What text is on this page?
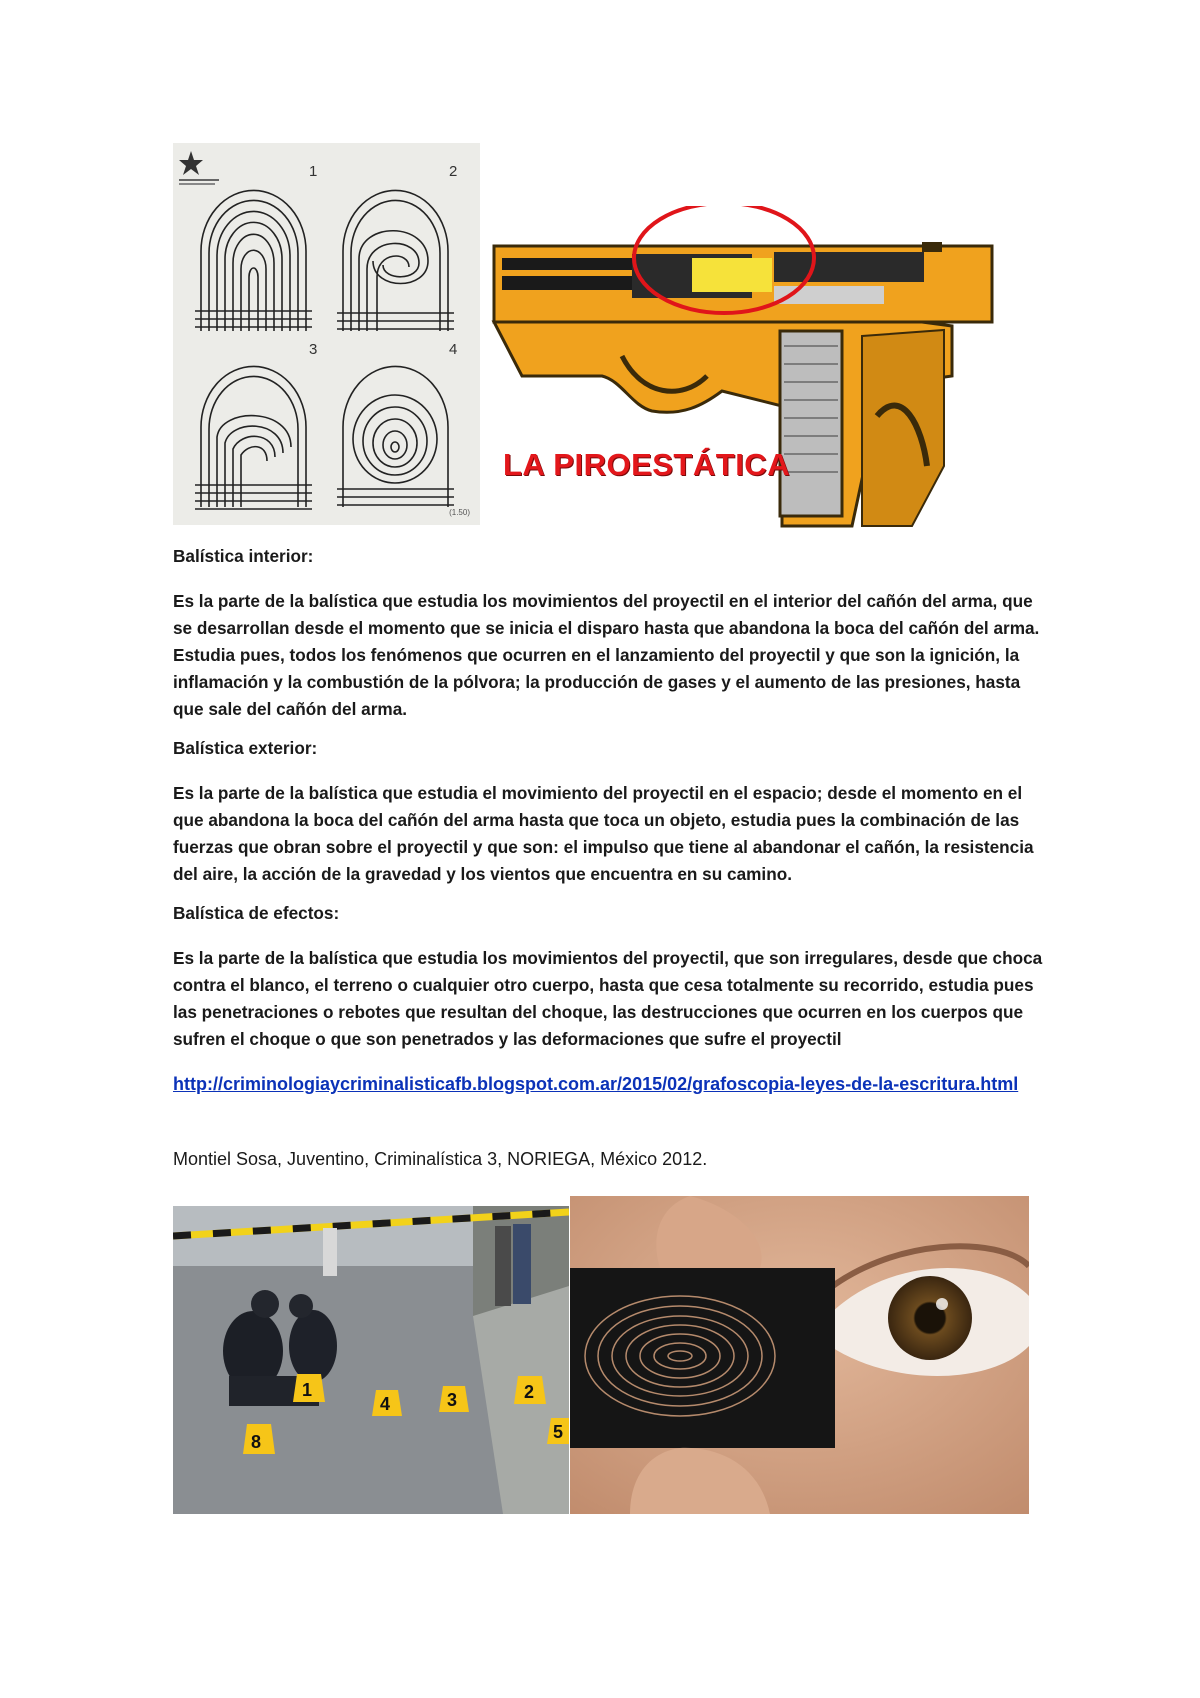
1	2
3	4
(1.50)
LA PIROESTÁTICA
Balística interior:
Es la parte de la balística que estudia los movimientos del proyectil en el interior del cañón del arma, que se desarrollan desde el momento que se inicia el disparo hasta que abandona la boca del cañón del arma. Estudia pues, todos los fenómenos que ocurren en el lanzamiento del proyectil y que son la ignición, la inflamación y la combustión de la pólvora; la producción de gases y el aumento de las presiones, hasta que sale del cañón del arma.
Balística exterior:
Es la parte de la balística que estudia el movimiento del proyectil en el espacio; desde el momento en el que abandona la boca del cañón del arma hasta que toca un objeto, estudia pues la combinación de las fuerzas que obran sobre el proyectil y que son: el impulso que tiene al abandonar el cañón, la resistencia del aire, la acción de la gravedad y los vientos que encuentra en su camino.
Balística de efectos:
Es la parte de la balística que estudia los movimientos del proyectil, que son irregulares, desde que choca contra el blanco, el terreno o cualquier otro cuerpo, hasta que cesa totalmente su recorrido, estudia pues las penetraciones o rebotes que resultan del choque, las destrucciones que ocurren en los cuerpos que sufren el choque o que son penetrados y las deformaciones que sufre el proyectil
http://criminologiaycriminalisticafb.blogspot.com.ar/2015/02/grafoscopia-leyes-de-la-escritura.html
Montiel Sosa, Juventino, Criminalística 3, NORIEGA, México 2012.
1	2
3
4
5
8
